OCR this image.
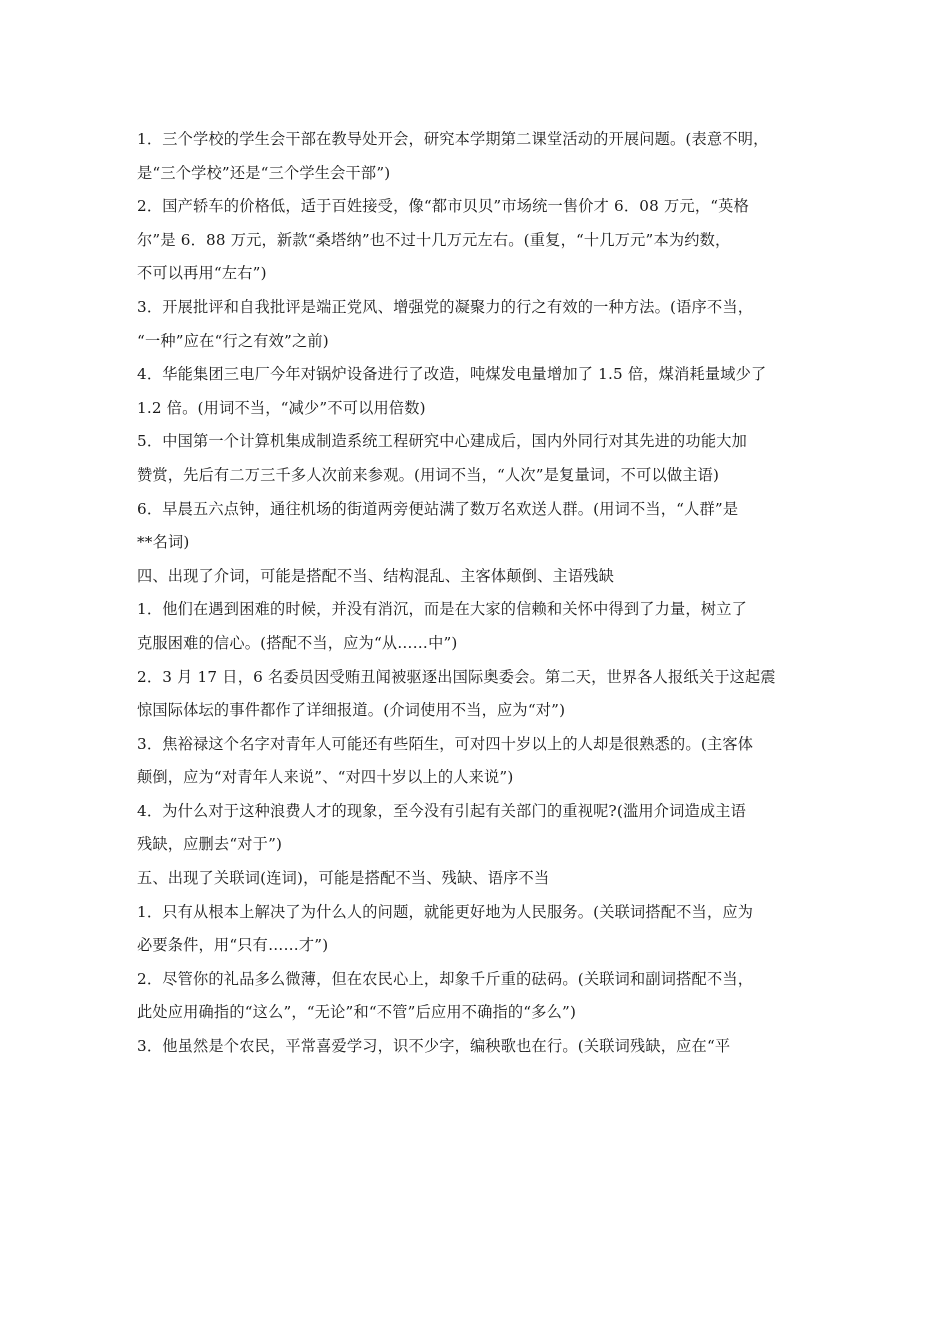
1．三个学校的学生会干部在教导处开会，研究本学期第二课堂活动的开展问题。(表意不明，
是“三个学校”还是“三个学生会干部”)
2．国产轿车的价格低，适于百姓接受，像“都市贝贝”市场统一售价才 6．08 万元，“英格
尔”是 6．88 万元，新款“桑塔纳”也不过十几万元左右。(重复，“十几万元”本为约数，
不可以再用“左右”)
3．开展批评和自我批评是端正党风、增强党的凝聚力的行之有效的一种方法。(语序不当，
“一种”应在“行之有效”之前)
4．华能集团三电厂今年对锅炉设备进行了改造，吨煤发电量增加了 1.5 倍，煤消耗量域少了
1.2 倍。(用词不当，“减少”不可以用倍数)
5．中国第一个计算机集成制造系统工程研究中心建成后，国内外同行对其先进的功能大加
赞赏，先后有二万三千多人次前来参观。(用词不当，“人次”是复量词，不可以做主语)
6．早晨五六点钟，通往机场的街道两旁便站满了数万名欢送人群。(用词不当，“人群”是
**名词)
四、出现了介词，可能是搭配不当、结构混乱、主客体颠倒、主语残缺
1．他们在遇到困难的时候，并没有消沉，而是在大家的信赖和关怀中得到了力量，树立了
克服困难的信心。(搭配不当，应为“从……中”)
2．3 月 17 日，6 名委员因受贿丑闻被驱逐出国际奥委会。第二天，世界各人报纸关于这起震
惊国际体坛的事件都作了详细报道。(介词使用不当，应为“对”)
3．焦裕禄这个名字对青年人可能还有些陌生，可对四十岁以上的人却是很熟悉的。(主客体
颠倒，应为“对青年人来说”、“对四十岁以上的人来说”)
4．为什么对于这种浪费人才的现象，至今没有引起有关部门的重视呢?(滥用介词造成主语
残缺，应删去“对于”)
五、出现了关联词(连词)，可能是搭配不当、残缺、语序不当
1．只有从根本上解决了为什么人的问题，就能更好地为人民服务。(关联词搭配不当，应为
必要条件，用“只有……才”)
2．尽管你的礼品多么微薄，但在农民心上，却象千斤重的砝码。(关联词和副词搭配不当，
此处应用确指的“这么”，“无论”和“不管”后应用不确指的“多么”)
3．他虽然是个农民，平常喜爱学习，识不少字，编秧歌也在行。(关联词残缺，应在“平
